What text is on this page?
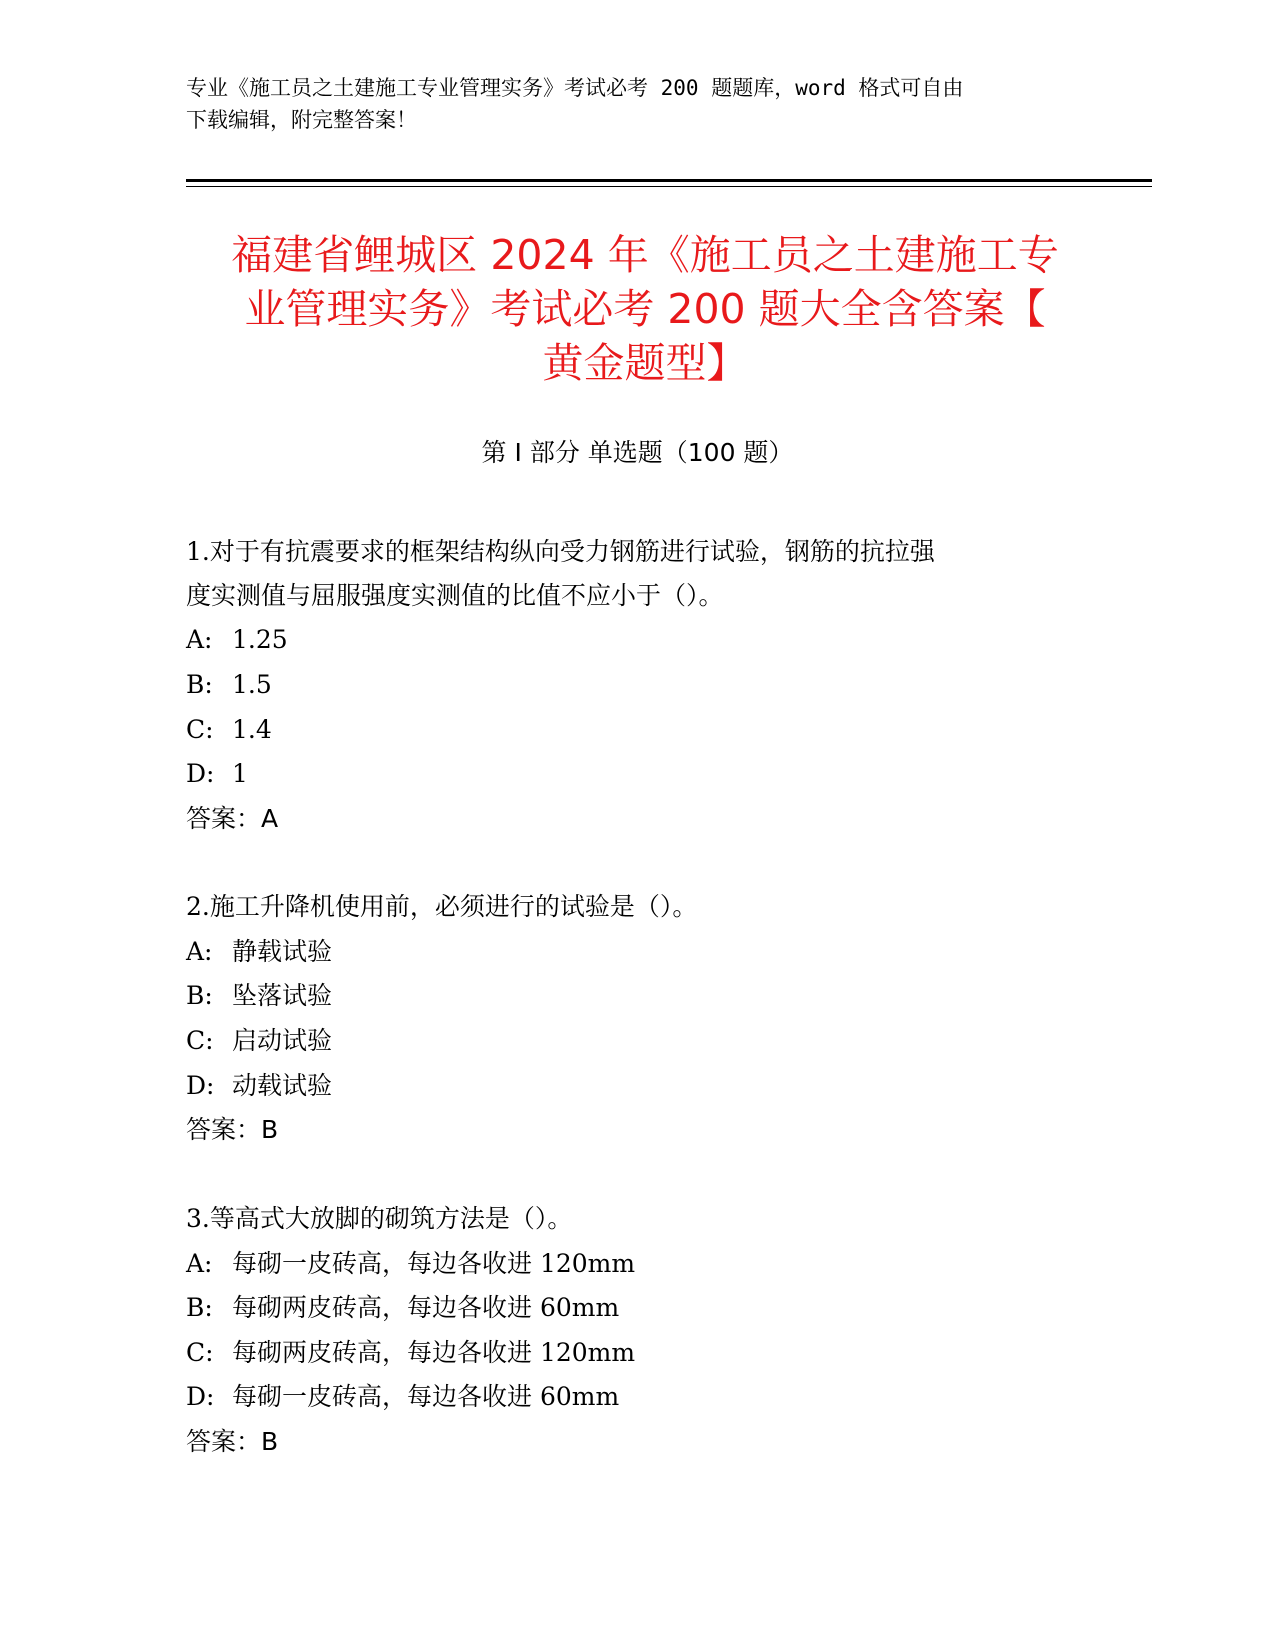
专业《施工员之土建施工专业管理实务》考试必考 200 题题库，word 格式可自由
下载编辑，附完整答案！
福建省鲤城区 2024 年《施工员之土建施工专
业管理实务》考试必考 200 题大全含答案【
黄金题型】
第 I 部分 单选题（100 题）
1.对于有抗震要求的框架结构纵向受力钢筋进行试验，钢筋的抗拉强
度实测值与屈服强度实测值的比值不应小于（）。
A: 1.25
B: 1.5
C: 1.4
D: 1
答案：A
2.施工升降机使用前，必须进行的试验是（）。
A: 静载试验
B: 坠落试验
C: 启动试验
D: 动载试验
答案：B
3.等高式大放脚的砌筑方法是（）。
A: 每砌一皮砖高，每边各收进 120mm
B: 每砌两皮砖高，每边各收进 60mm
C: 每砌两皮砖高，每边各收进 120mm
D: 每砌一皮砖高，每边各收进 60mm
答案：B
